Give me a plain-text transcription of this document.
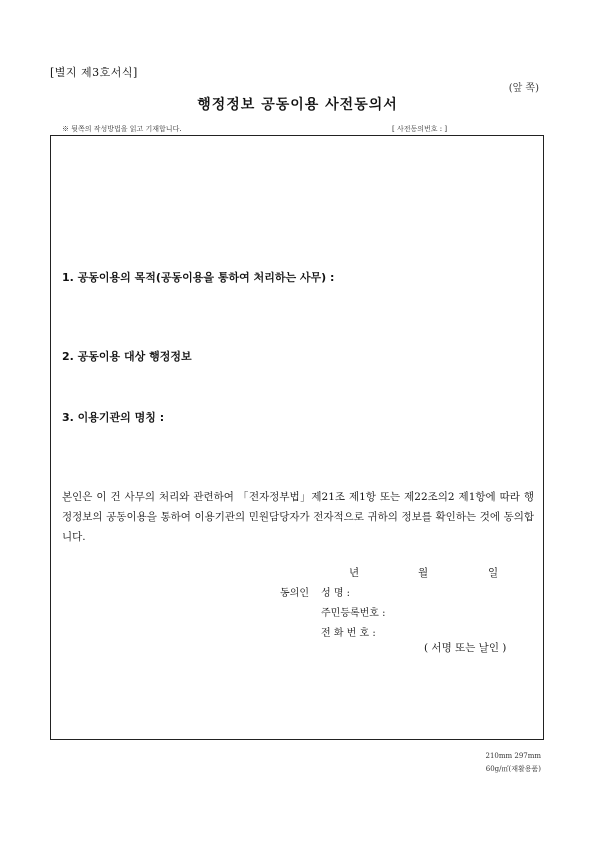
[별지 제3호서식]
(앞 쪽)
행정정보 공동이용 사전동의서
※ 뒷쪽의 작성방법을 읽고 기재합니다.	[ 사전동의번호 : ]
1. 공동이용의 목적(공동이용을 통하여 처리하는 사무) :
2. 공동이용 대상 행정정보
3. 이용기관의 명칭 :
본인은 이 건 사무의 처리와 관련하여 「전자정부법」제21조 제1항 또는 제22조의2 제1항에 따라 행정정보의 공동이용을 통하여 이용기관의 민원담당자가 전자적으로 귀하의 정보를 확인하는 것에 동의합니다.
년	월	일
동의인 성 명 :
주민등록번호 :
전 화 번 호 :
( 서명 또는 날인 )
210mm 297mm
60g/㎡(재활용품)
